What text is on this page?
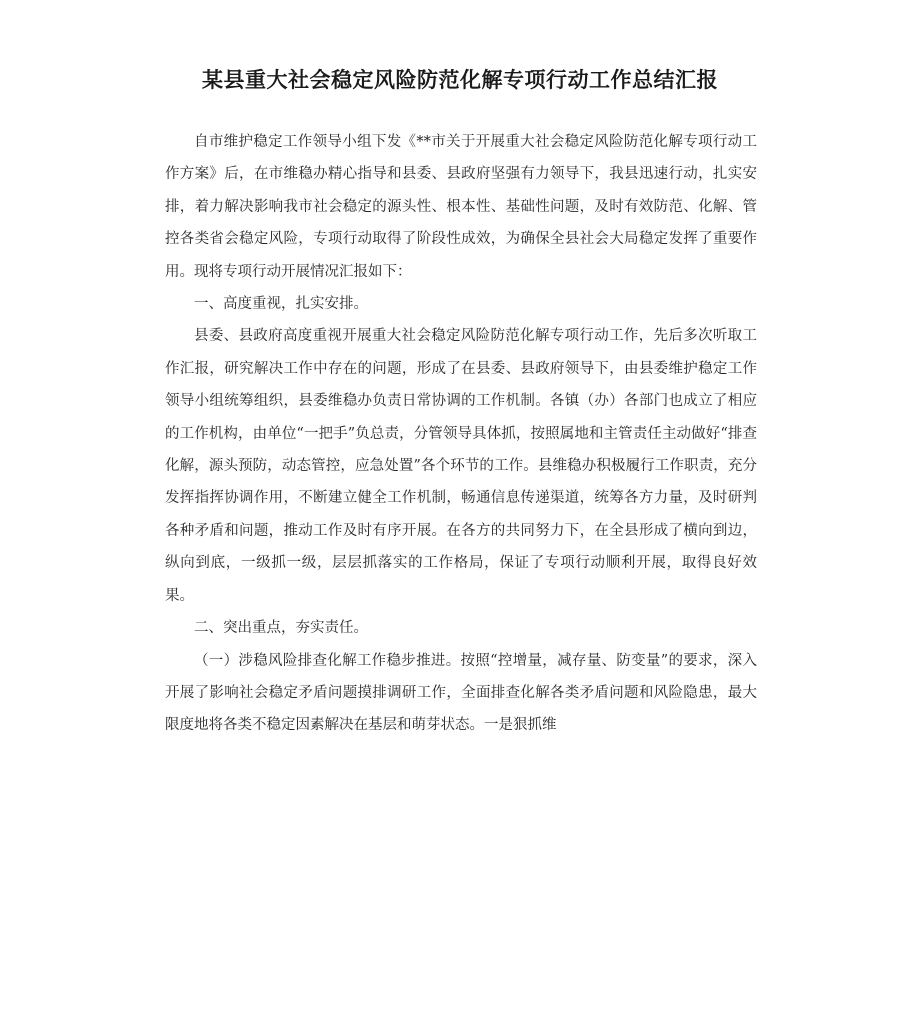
某县重大社会稳定风险防范化解专项行动工作总结汇报

自市维护稳定工作领导小组下发《**市关于开展重大社会稳定风险防范化解专项行动工作方案》后，在市维稳办精心指导和县委、县政府坚强有力领导下，我县迅速行动，扎实安排，着力解决影响我市社会稳定的源头性、根本性、基础性问题，及时有效防范、化解、管控各类省会稳定风险，专项行动取得了阶段性成效，为确保全县社会大局稳定发挥了重要作用。现将专项行动开展情况汇报如下：

一、高度重视，扎实安排。

县委、县政府高度重视开展重大社会稳定风险防范化解专项行动工作，先后多次听取工作汇报，研究解决工作中存在的问题，形成了在县委、县政府领导下，由县委维护稳定工作领导小组统筹组织，县委维稳办负责日常协调的工作机制。各镇（办）各部门也成立了相应的工作机构，由单位“一把手”负总责，分管领导具体抓，按照属地和主管责任主动做好“排查化解，源头预防，动态管控，应急处置”各个环节的工作。县维稳办积极履行工作职责，充分发挥指挥协调作用，不断建立健全工作机制，畅通信息传递渠道，统筹各方力量，及时研判各种矛盾和问题，推动工作及时有序开展。在各方的共同努力下，在全县形成了横向到边，纵向到底，一级抓一级，层层抓落实的工作格局，保证了专项行动顺利开展，取得良好效果。

二、突出重点，夯实责任。

（一）涉稳风险排查化解工作稳步推进。按照“控增量，减存量、防变量”的要求，深入开展了影响社会稳定矛盾问题摸排调研工作，全面排查化解各类矛盾问题和风险隐患，最大限度地将各类不稳定因素解决在基层和萌芽状态。一是狠抓维
